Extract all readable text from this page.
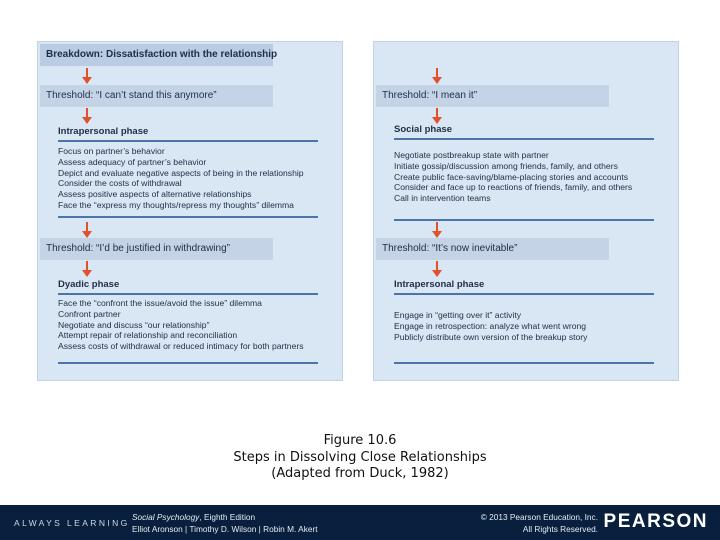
Breakdown: Dissatisfaction with the relationship
Threshold: “I can’t stand this anymore”
Intrapersonal phase
Focus on partner’s behavior
Assess adequacy of partner’s behavior
Depict and evaluate negative aspects of being in the relationship
Consider the costs of withdrawal
Assess positive aspects of alternative relationships
Face the “express my thoughts/repress my thoughts” dilemma
Threshold: “I’d be justified in withdrawing”
Dyadic phase
Face the “confront the issue/avoid the issue” dilemma
Confront partner
Negotiate and discuss “our relationship”
Attempt repair of relationship and reconciliation
Assess costs of withdrawal or reduced intimacy for both partners
Threshold: “I mean it”
Social phase
Negotiate postbreakup state with partner
Initiate gossip/discussion among friends, family, and others
Create public face-saving/blame-placing stories and accounts
Consider and face up to reactions of friends, family, and others
Call in intervention teams
Threshold: “It’s now inevitable”
Intrapersonal phase
Engage in “getting over it” activity
Engage in retrospection: analyze what went wrong
Publicly distribute own version of the breakup story
Figure 10.6
Steps in Dissolving Close Relationships
(Adapted from Duck, 1982)
ALWAYS LEARNING
Social Psychology, Eighth Edition
Elliot Aronson | Timothy D. Wilson | Robin M. Akert
© 2013 Pearson Education, Inc.
All Rights Reserved. PEARSON
